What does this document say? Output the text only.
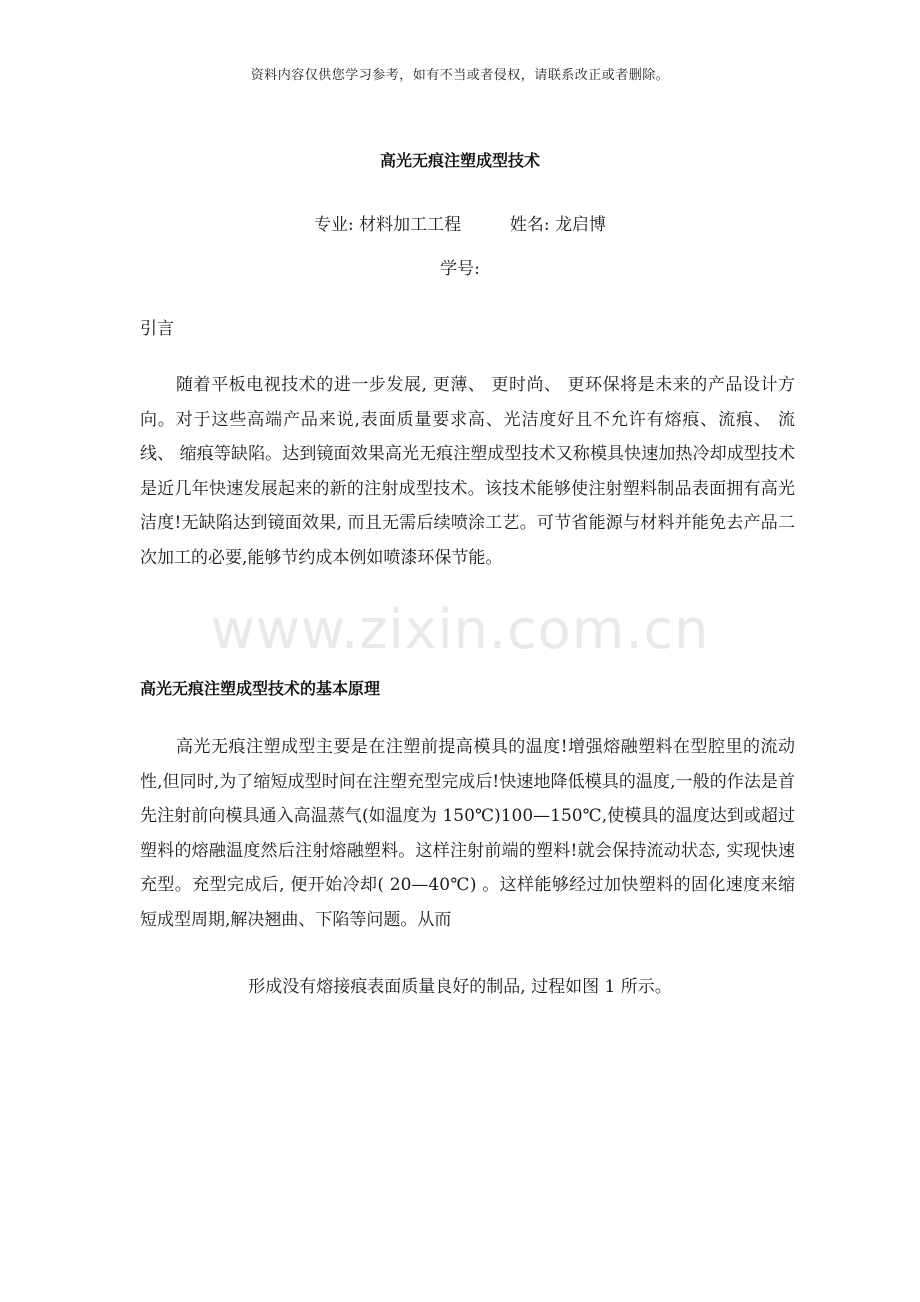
资料内容仅供您学习参考，如有不当或者侵权，请联系改正或者删除。
高光无痕注塑成型技术
专业: 材料加工工程	姓名: 龙启博
学号:
引言

随着平板电视技术的进一步发展, 更薄、 更时尚、 更环保将是未来的产品设计方向。对于这些高端产品来说,表面质量要求高、光洁度好且不允许有熔痕、流痕、 流线、 缩痕等缺陷。达到镜面效果高光无痕注塑成型技术又称模具快速加热冷却成型技术是近几年快速发展起来的新的注射成型技术。该技术能够使注射塑料制品表面拥有高光洁度!无缺陷达到镜面效果, 而且无需后续喷涂工艺。可节省能源与材料并能免去产品二次加工的必要,能够节约成本例如喷漆环保节能。

www.zixin.com.cn
高光无痕注塑成型技术的基本原理

高光无痕注塑成型主要是在注塑前提高模具的温度!增强熔融塑料在型腔里的流动性,但同时,为了缩短成型时间在注塑充型完成后!快速地降低模具的温度,一般的作法是首先注射前向模具通入高温蒸气(如温度为 150℃)100—150℃,使模具的温度达到或超过塑料的熔融温度然后注射熔融塑料。这样注射前端的塑料!就会保持流动状态, 实现快速充型。充型完成后, 便开始冷却( 20—40℃) 。这样能够经过加快塑料的固化速度来缩短成型周期,解决翘曲、下陷等问题。从而

形成没有熔接痕表面质量良好的制品, 过程如图 1 所示。
